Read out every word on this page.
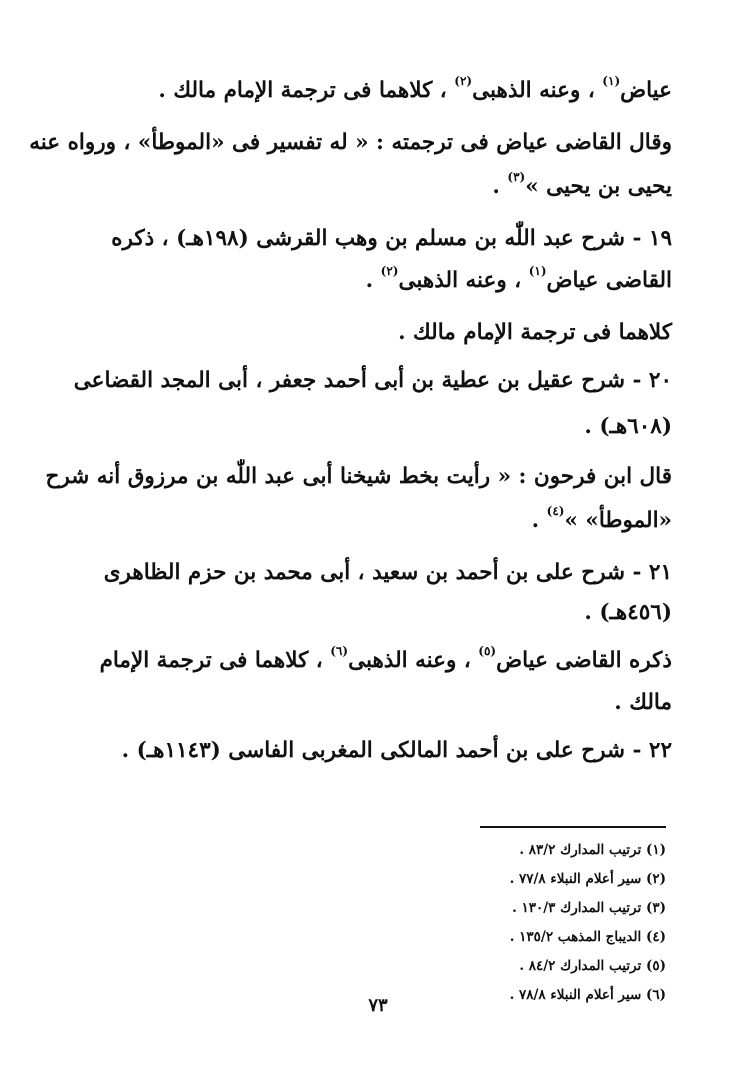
عياض$^{(١)}$ ، وعنه الذهبى$^{(٢)}$ ، كلاهما فى ترجمة الإمام مالك .
وقال القاضى عياض فى ترجمته : « له تفسير فى «الموطأ» ، ورواه عنه
يحيى بن يحيى »$^{(٣)}$ .
١٩ - شرح عبد اللّٰه بن مسلم بن وهب القرشى (١٩٨هـ) ، ذكره
القاضى عياض$^{(١)}$ ، وعنه الذهبى$^{(٢)}$ .
كلاهما فى ترجمة الإمام مالك .
٢٠ - شرح عقيل بن عطية بن أبى أحمد جعفر ، أبى المجد القضاعى
(٦٠٨هـ) .
قال ابن فرحون : « رأيت بخط شيخنا أبى عبد اللّٰه بن مرزوق أنه شرح
«الموطأ» »$^{(٤)}$ .
٢١ - شرح على بن أحمد بن سعيد ، أبى محمد بن حزم الظاهرى
(٤٥٦هـ) .
ذكره القاضى عياض$^{(٥)}$ ، وعنه الذهبى$^{(٦)}$ ، كلاهما فى ترجمة الإمام
مالك .
٢٢ - شرح على بن أحمد المالكى المغربى الفاسى (١١٤٣هـ) .
(١) ترتيب المدارك ٨٣/٢ .
(٢) سير أعلام النبلاء ٧٧/٨ .
(٣) ترتيب المدارك ١٣٠/٣ .
(٤) الديباج المذهب ١٣٥/٢ .
(٥) ترتيب المدارك ٨٤/٢ .
(٦) سير أعلام النبلاء ٧٨/٨ .
٧٣
